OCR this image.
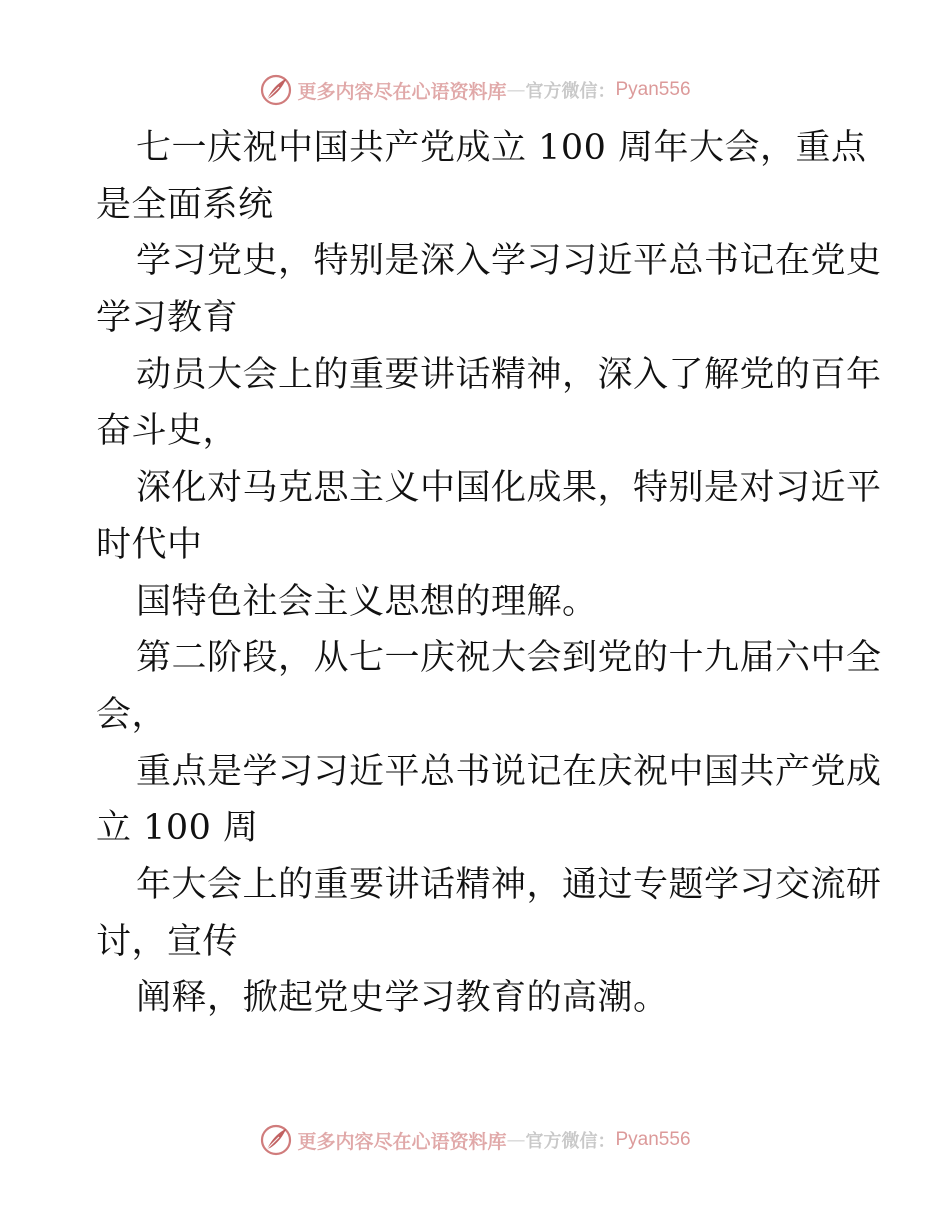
更多内容尽在心语资料库 — 官方微信： Pyan556
七一庆祝中国共产党成立 100 周年大会，重点
是全面系统
学习党史，特别是深入学习习近平总书记在党史
学习教育
动员大会上的重要讲话精神，深入了解党的百年
奋斗史，
深化对马克思主义中国化成果，特别是对习近平
时代中
国特色社会主义思想的理解。
第二阶段，从七一庆祝大会到党的十九届六中全
会，
重点是学习习近平总书说记在庆祝中国共产党成
立 100 周
年大会上的重要讲话精神，通过专题学习交流研
讨，宣传
阐释，掀起党史学习教育的高潮。
更多内容尽在心语资料库 — 官方微信： Pyan556
